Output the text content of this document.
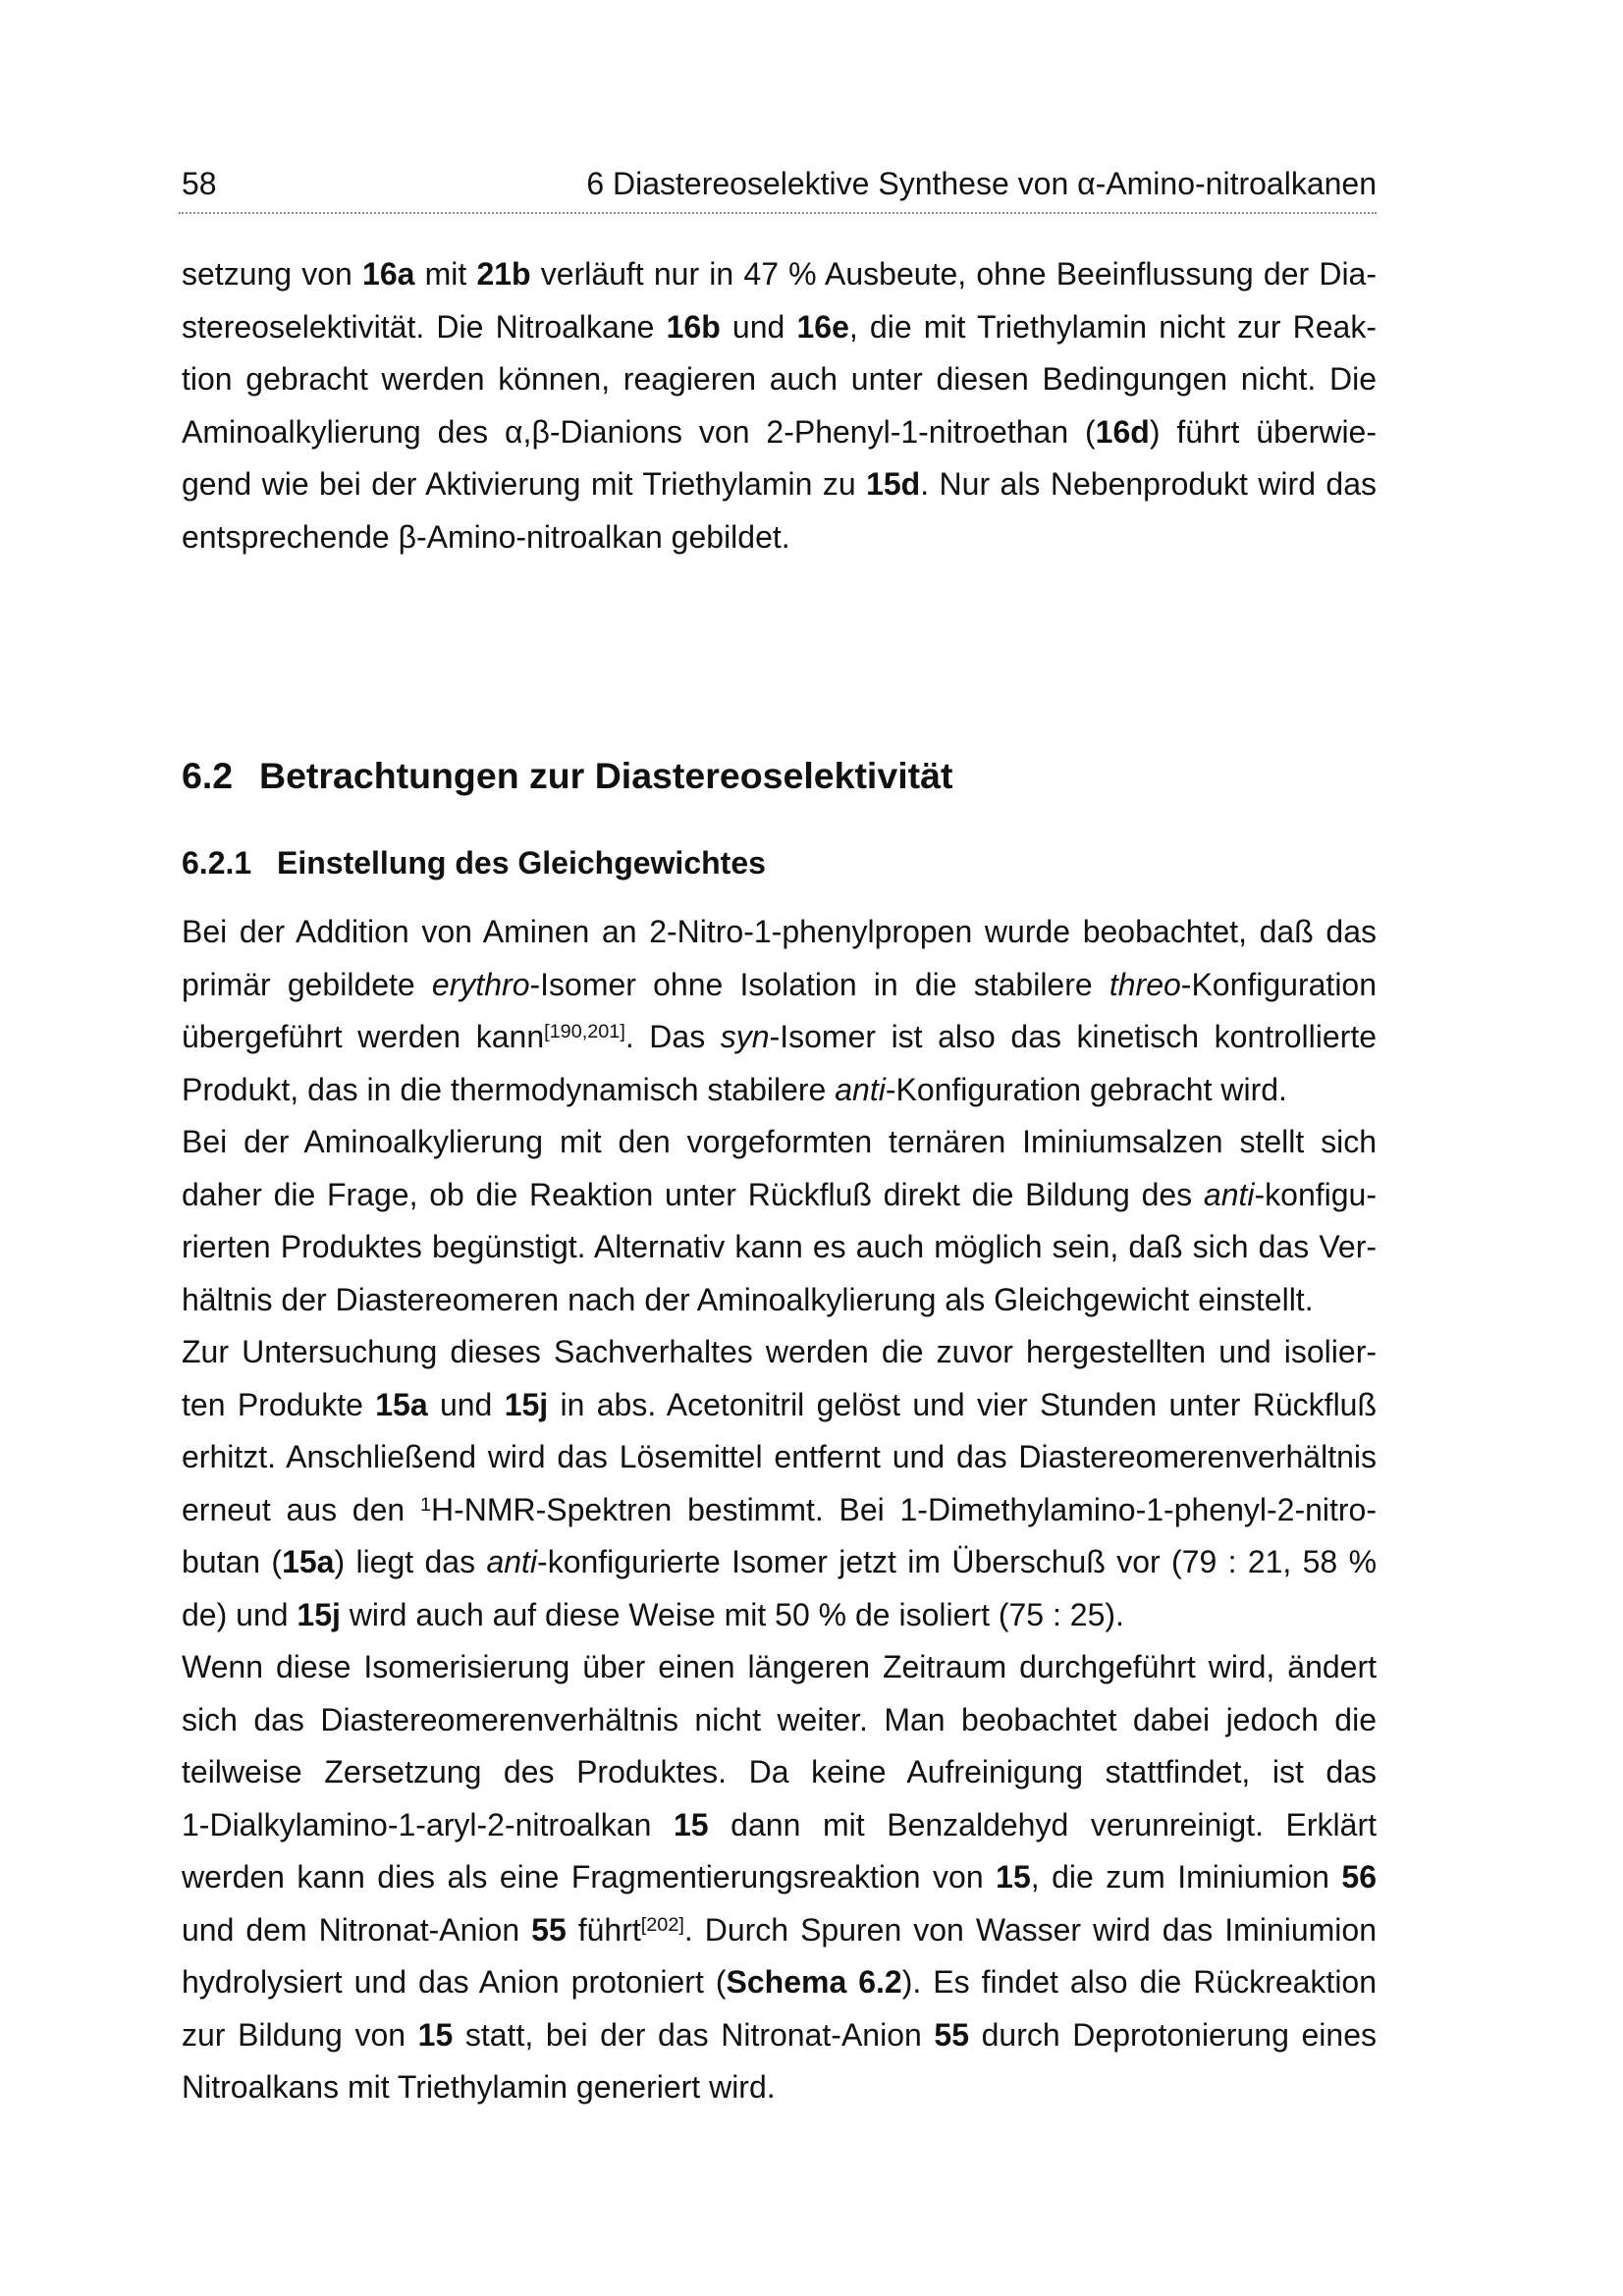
58	6 Diastereoselektive Synthese von α-Amino-nitroalkanen
setzung von 16a mit 21b verläuft nur in 47 % Ausbeute, ohne Beeinflussung der Dia-
stereoselektivität. Die Nitroalkane 16b und 16e, die mit Triethylamin nicht zur Reak-
tion gebracht werden können, reagieren auch unter diesen Bedingungen nicht. Die
Aminoalkylierung des α,β-Dianions von 2-Phenyl-1-nitroethan (16d) führt überwie-
gend wie bei der Aktivierung mit Triethylamin zu 15d. Nur als Nebenprodukt wird das
entsprechende β-Amino-nitroalkan gebildet.
6.2 Betrachtungen zur Diastereoselektivität
6.2.1 Einstellung des Gleichgewichtes
Bei der Addition von Aminen an 2-Nitro-1-phenylpropen wurde beobachtet, daß das
primär gebildete erythro-Isomer ohne Isolation in die stabilere threo-Konfiguration
übergeführt werden kann[190,201]. Das syn-Isomer ist also das kinetisch kontrollierte
Produkt, das in die thermodynamisch stabilere anti-Konfiguration gebracht wird.
Bei der Aminoalkylierung mit den vorgeformten ternären Iminiumsalzen stellt sich
daher die Frage, ob die Reaktion unter Rückfluß direkt die Bildung des anti-konfigu-
rierten Produktes begünstigt. Alternativ kann es auch möglich sein, daß sich das Ver-
hältnis der Diastereomeren nach der Aminoalkylierung als Gleichgewicht einstellt.
Zur Untersuchung dieses Sachverhaltes werden die zuvor hergestellten und isolier-
ten Produkte 15a und 15j in abs. Acetonitril gelöst und vier Stunden unter Rückfluß
erhitzt. Anschließend wird das Lösemittel entfernt und das Diastereomerenverhältnis
erneut aus den $^1$H-NMR-Spektren bestimmt. Bei 1-Dimethylamino-1-phenyl-2-nitro-
butan (15a) liegt das anti-konfigurierte Isomer jetzt im Überschuß vor (79 : 21, 58 %
de) und 15j wird auch auf diese Weise mit 50 % de isoliert (75 : 25).
Wenn diese Isomerisierung über einen längeren Zeitraum durchgeführt wird, ändert
sich das Diastereomerenverhältnis nicht weiter. Man beobachtet dabei jedoch die
teilweise Zersetzung des Produktes. Da keine Aufreinigung stattfindet, ist das
1-Dialkylamino-1-aryl-2-nitroalkan 15 dann mit Benzaldehyd verunreinigt. Erklärt
werden kann dies als eine Fragmentierungsreaktion von 15, die zum Iminiumion 56
und dem Nitronat-Anion 55 führt[202]. Durch Spuren von Wasser wird das Iminiumion
hydrolysiert und das Anion protoniert (Schema 6.2). Es findet also die Rückreaktion
zur Bildung von 15 statt, bei der das Nitronat-Anion 55 durch Deprotonierung eines
Nitroalkans mit Triethylamin generiert wird.
